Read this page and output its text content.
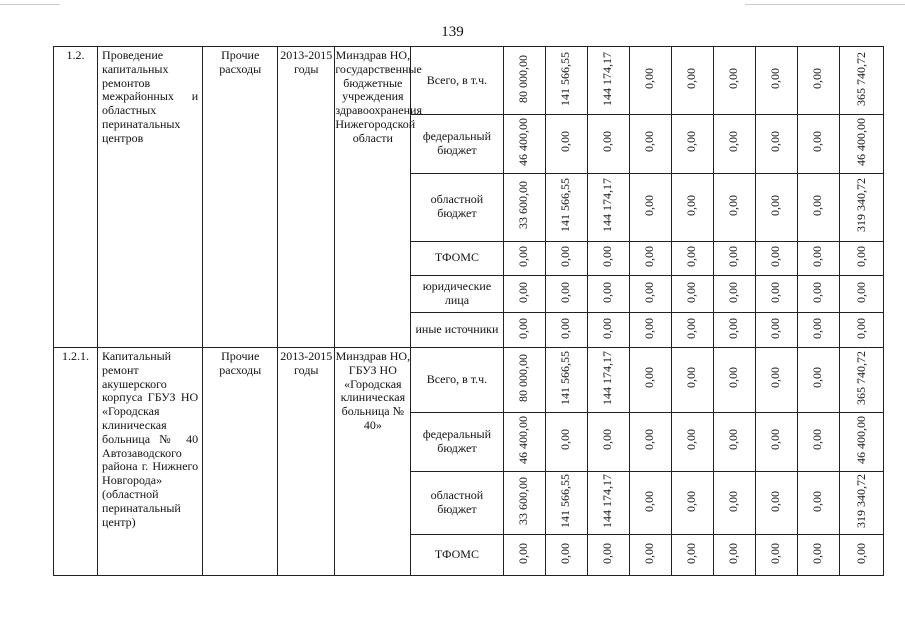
139
1.2.	Проведение капитальных ремонтов межрайонных и областных перинатальных центров	Прочие расходы	2013-2015 годы	Минздрав НО, государственные бюджетные учреждения здравоохранения Нижегородской области	Всего, в т.ч.	80 000,00	141 566,55	144 174,17	0,00	0,00	0,00	0,00	0,00	365 740,72
					федеральный бюджет	46 400,00	0,00	0,00	0,00	0,00	0,00	0,00	0,00	46 400,00
					областной бюджет	33 600,00	141 566,55	144 174,17	0,00	0,00	0,00	0,00	0,00	319 340,72
					ТФОМС	0,00	0,00	0,00	0,00	0,00	0,00	0,00	0,00	0,00
					юридические лица	0,00	0,00	0,00	0,00	0,00	0,00	0,00	0,00	0,00
					иные источники	0,00	0,00	0,00	0,00	0,00	0,00	0,00	0,00	0,00
1.2.1.	Капитальный ремонт акушерского корпуса ГБУЗ НО «Городская клиническая больница № 40 Автозаводского района г. Нижнего Новгорода» (областной перинатальный центр)	Прочие расходы	2013-2015 годы	Минздрав НО, ГБУЗ НО «Городская клиническая больница № 40»	Всего, в т.ч.	80 000,00	141 566,55	144 174,17	0,00	0,00	0,00	0,00	0,00	365 740,72
					федеральный бюджет	46 400,00	0,00	0,00	0,00	0,00	0,00	0,00	0,00	46 400,00
					областной бюджет	33 600,00	141 566,55	144 174,17	0,00	0,00	0,00	0,00	0,00	319 340,72
					ТФОМС	0,00	0,00	0,00	0,00	0,00	0,00	0,00	0,00	0,00
